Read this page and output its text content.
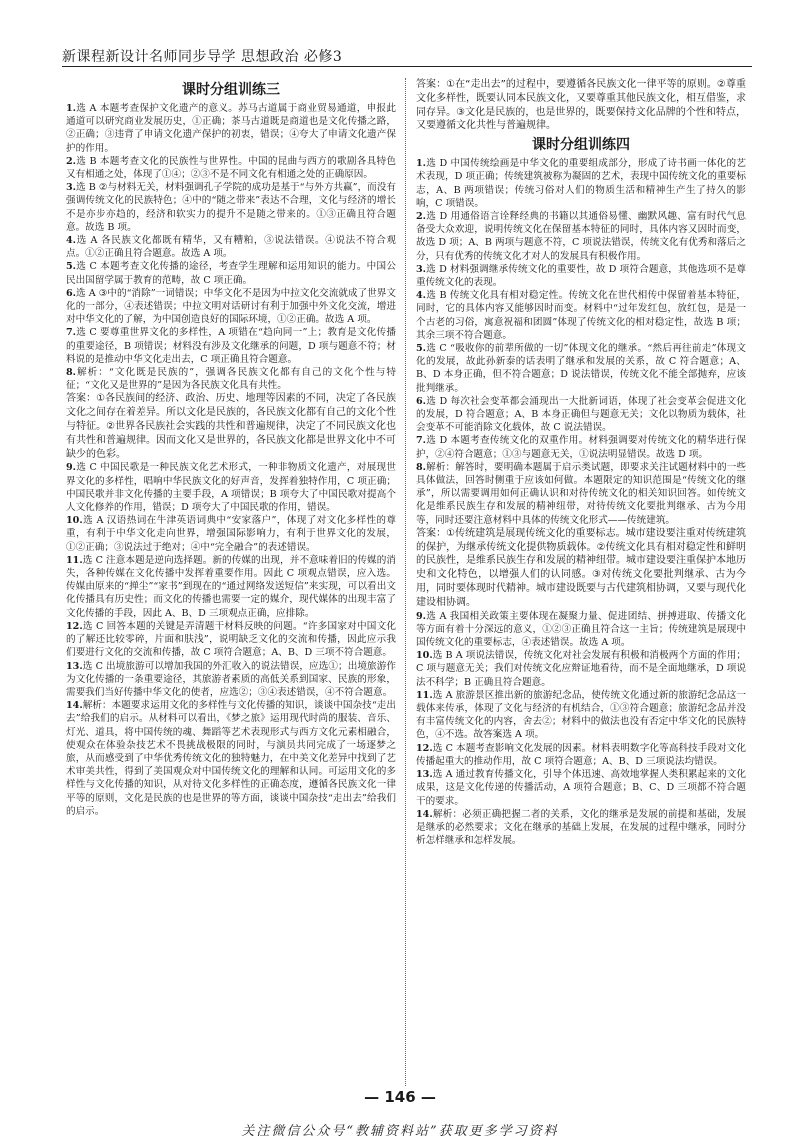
新课程新设计名师同步导学 思想政治 必修3
课时分组训练三

1.选 A 本题考查保护文化遗产的意义。苏马古道属于商业贸易通道，申报此通道可以研究商业发展历史，①正确；茶马古道既是商道也是文化传播之路，②正确；③违背了申请文化遗产保护的初衷，错误；④夸大了申请文化遗产保护的作用。

2.选 B 本题考查文化的民族性与世界性。中国的昆曲与西方的歌剧各具特色又有相通之处，体现了①④；②③不是不同文化有相通之处的正确原因。

3.选 B ②与材料无关，材料强调孔子学院的成功是基于“与外方共赢”，而没有强调传统文化的民族特色；④中的“随之带来”表达不合理，文化与经济的增长不是亦步亦趋的，经济和软实力的提升不是随之带来的。①③正确且符合题意。故选 B 项。

4.选 A 各民族文化都既有精华，又有糟粕，③说法错误。④说法不符合观点。①②正确且符合题意。故选 A 项。

5.选 C 本题考查文化传播的途径，考查学生理解和运用知识的能力。中国公民出国留学属于教育的范畴，故 C 项正确。

6.选 A ③中的“消除”一词错误；中华文化不是因为中拉文化交流就成了世界文化的一部分，④表述错误；中拉文明对话研讨有利于加强中外文化交流，增进对中华文化的了解，为中国创造良好的国际环境，①②正确。故选 A 项。

7.选 C 要尊重世界文化的多样性，A 项错在“趋向同一”上；教育是文化传播的重要途径，B 项错误；材料没有涉及文化继承的问题，D 项与题意不符；材料说的是推动中华文化走出去，C 项正确且符合题意。

8.解析：“文化既是民族的”，强调各民族文化都有自己的文化个性与特征；“文化又是世界的”是因为各民族文化具有共性。

答案：①各民族间的经济、政治、历史、地理等因素的不同，决定了各民族文化之间存在着差异。所以文化是民族的，各民族文化都有自己的文化个性与特征。②世界各民族社会实践的共性和普遍规律，决定了不同民族文化也有共性和普遍规律。因而文化又是世界的，各民族文化都是世界文化中不可缺少的色彩。

9.选 C 中国民歌是一种民族文化艺术形式，一种非物质文化遗产，对展现世界文化的多样性，唱响中华民族文化的好声音，发挥着独特作用，C 项正确；中国民歌并非文化传播的主要手段，A 项错误；B 项夸大了中国民歌对提高个人文化修养的作用，错误；D 项夸大了中国民歌的作用，错误。

10.选 A 汉语热词在牛津英语词典中“安家落户”，体现了对文化多样性的尊重，有利于中华文化走向世界，增强国际影响力，有利于世界文化的发展，①②正确；③说法过于绝对；④中“完全融合”的表述错误。

11.选 C 注意本题是逆向选择题。新的传媒的出现，并不意味着旧的传媒的消失，各种传媒在文化传播中发挥着重要作用。因此 C 项观点错误，应入选。传媒由原来的“掸尘”“家书”到现在的“通过网络发送短信”来实现，可以看出文化传播具有历史性；而文化的传播也需要一定的媒介，现代媒体的出现丰富了文化传播的手段，因此 A、B、D 三项观点正确，应排除。

12.选 C 回答本题的关键是弄清题干材料反映的问题。“许多国家对中国文化的了解还比较零碎，片面和肤浅”，说明缺乏文化的交流和传播，因此应示我们要进行文化的交流和传播，故 C 项符合题意；A、B、D 三项不符合题意。

13.选 C 出境旅游可以增加我国的外汇收入的说法错误，应选①；出境旅游作为文化传播的一条重要途径，其旅游者素质的高低关系到国家、民族的形象，需要我们当好传播中华文化的使者，应选②；③④表述错误，④不符合题意。

14.解析：本题要求运用文化的多样性与文化传播的知识，谈谈中国杂技“走出去”给我们的启示。从材料可以看出，《梦之旅》运用现代时尚的服装、音乐、灯光、道具，将中国传统的魂、舞蹈等艺术表现形式与西方文化元素相融合，使观众在体验杂技艺术不畏挑战极限的同时，与演员共同完成了一场逐梦之旅，从而感受到了中华优秀传统文化的独特魅力，在中美文化差异中找到了艺术审美共性，得到了美国观众对中国传统文化的理解和认同。可运用文化的多样性与文化传播的知识，从对待文化多样性的正确态度，遵循各民族文化一律平等的原则，文化是民族的也是世界的等方面，谈谈中国杂技“走出去”给我们的启示。

答案：①在“走出去”的过程中，要遵循各民族文化一律平等的原则。②尊重文化多样性，既要认同本民族文化，又要尊重其他民族文化，相互借鉴，求同存异。③文化是民族的，也是世界的，既要保持文化品牌的个性和特点，又要遵循文化共性与普遍规律。

课时分组训练四

1.选 D 中国传统绘画是中华文化的重要组成部分，形成了诗书画一体化的艺术表现，D 项正确；传统建筑被称为凝固的艺术，表现中国传统文化的重要标志，A、B 两项错误；传统习俗对人们的物质生活和精神生产生了持久的影响，C 项错误。

2.选 D 用通俗语言诠释经典的书籍以其通俗易懂、幽默风趣、富有时代气息备受大众欢迎，说明传统文化在保留基本特征的同时，具体内容又因时而变，故选 D 项；A、B 两项与题意不符，C 项说法错误，传统文化有优秀和落后之分，只有优秀的传统文化才对人的发展具有积极作用。

3.选 D 材料强调继承传统文化的重要性，故 D 项符合题意，其他选项不是尊重传统文化的表现。

4.选 B 传统文化具有相对稳定性。传统文化在世代相传中保留着基本特征，同时，它的具体内容又能够因时而变。材料中“过年发红包，放红包，是是一个古老的习俗，寓意祝福和团圆”体现了传统文化的相对稳定性，故选 B 项；其余三项不符合题意。

5.选 C “吸收你的前辈所做的一切”体现文化的继承。“然后再往前走”体现文化的发展，故此孙新泰的话表明了继承和发展的关系，故 C 符合题意；A、B、D 本身正确，但不符合题意；D 说法错误，传统文化不能全部抛弃，应该批判继承。

6.选 D 每次社会变革都会涌现出一大批新词语，体现了社会变革会促进文化的发展，D 符合题意；A、B 本身正确但与题意无关；文化以物质为载体，社会变革不可能消除文化载体，故 C 说法错误。

7.选 D 本题考查传统文化的双重作用。材料强调要对传统文化的精华进行保护，②④符合题意；①③与题意无关，①说法明显错误。故选 D 项。

8.解析：解答时，要明确本题属于启示类试题，即要求关注试题材料中的一些具体做法，回答时侧重于应该如何做。本题限定的知识范围是“传统文化的继承”，所以需要调用如何正确认识和对待传统文化的相关知识回答。如传统文化是维系民族生存和发展的精神纽带，对待传统文化要批判继承、古为今用等，同时还要注意材料中具体的传统文化形式——传统建筑。

答案：①传统建筑是展现传统文化的重要标志。城市建设要注重对传统建筑的保护，为继承传统文化提供物质载体。②传统文化具有相对稳定性和鲜明的民族性，是维系民族生存和发展的精神纽带。城市建设要注重保护本地历史和文化特色，以增强人们的认同感。③对传统文化要批判继承、古为今用，同时要体现时代精神。城市建设既要与古代建筑相协调，又要与现代化建设相协调。

9.选 A 我国相关政策主要体现在凝聚力量、促进团结、拼搏进取、传播文化等方面有着十分深远的意义，①②③正确且符合这一主旨；传统建筑是展现中国传统文化的重要标志，④表述错误。故选 A 项。

10.选 B A 项说法错误，传统文化对社会发展有积极和消极两个方面的作用；C 项与题意无关；我们对传统文化应辩证地看待，而不是全面地继承，D 项说法不科学；B 正确且符合题意。

11.选 A 旅游景区推出新的旅游纪念品，使传统文化通过新的旅游纪念品这一载体来传承，体现了文化与经济的有机结合，①③符合题意；旅游纪念品并没有丰富传统文化的内容，舍去②；材料中的做法也没有否定中华文化的民族特色，④不选。故答案选 A 项。

12.选 C 本题考查影响文化发展的因素。材料表明数字化等高科技手段对文化传播起重大的推动作用，故 C 项符合题意；A、B、D 三项说法均错误。

13.选 A 通过教育传播文化，引导个体迅速、高效地掌握人类积累起来的文化成果，这是文化传递的传播活动，A 项符合题意；B、C、D 三项都不符合题干的要求。

14.解析：必须正确把握二者的关系，文化的继承是发展的前提和基础，发展是继承的必然要求；文化在继承的基础上发展，在发展的过程中继承，同时分析怎样继承和怎样发展。

— 146 —
关注微信公众号“教辅资料站”获取更多学习资料
